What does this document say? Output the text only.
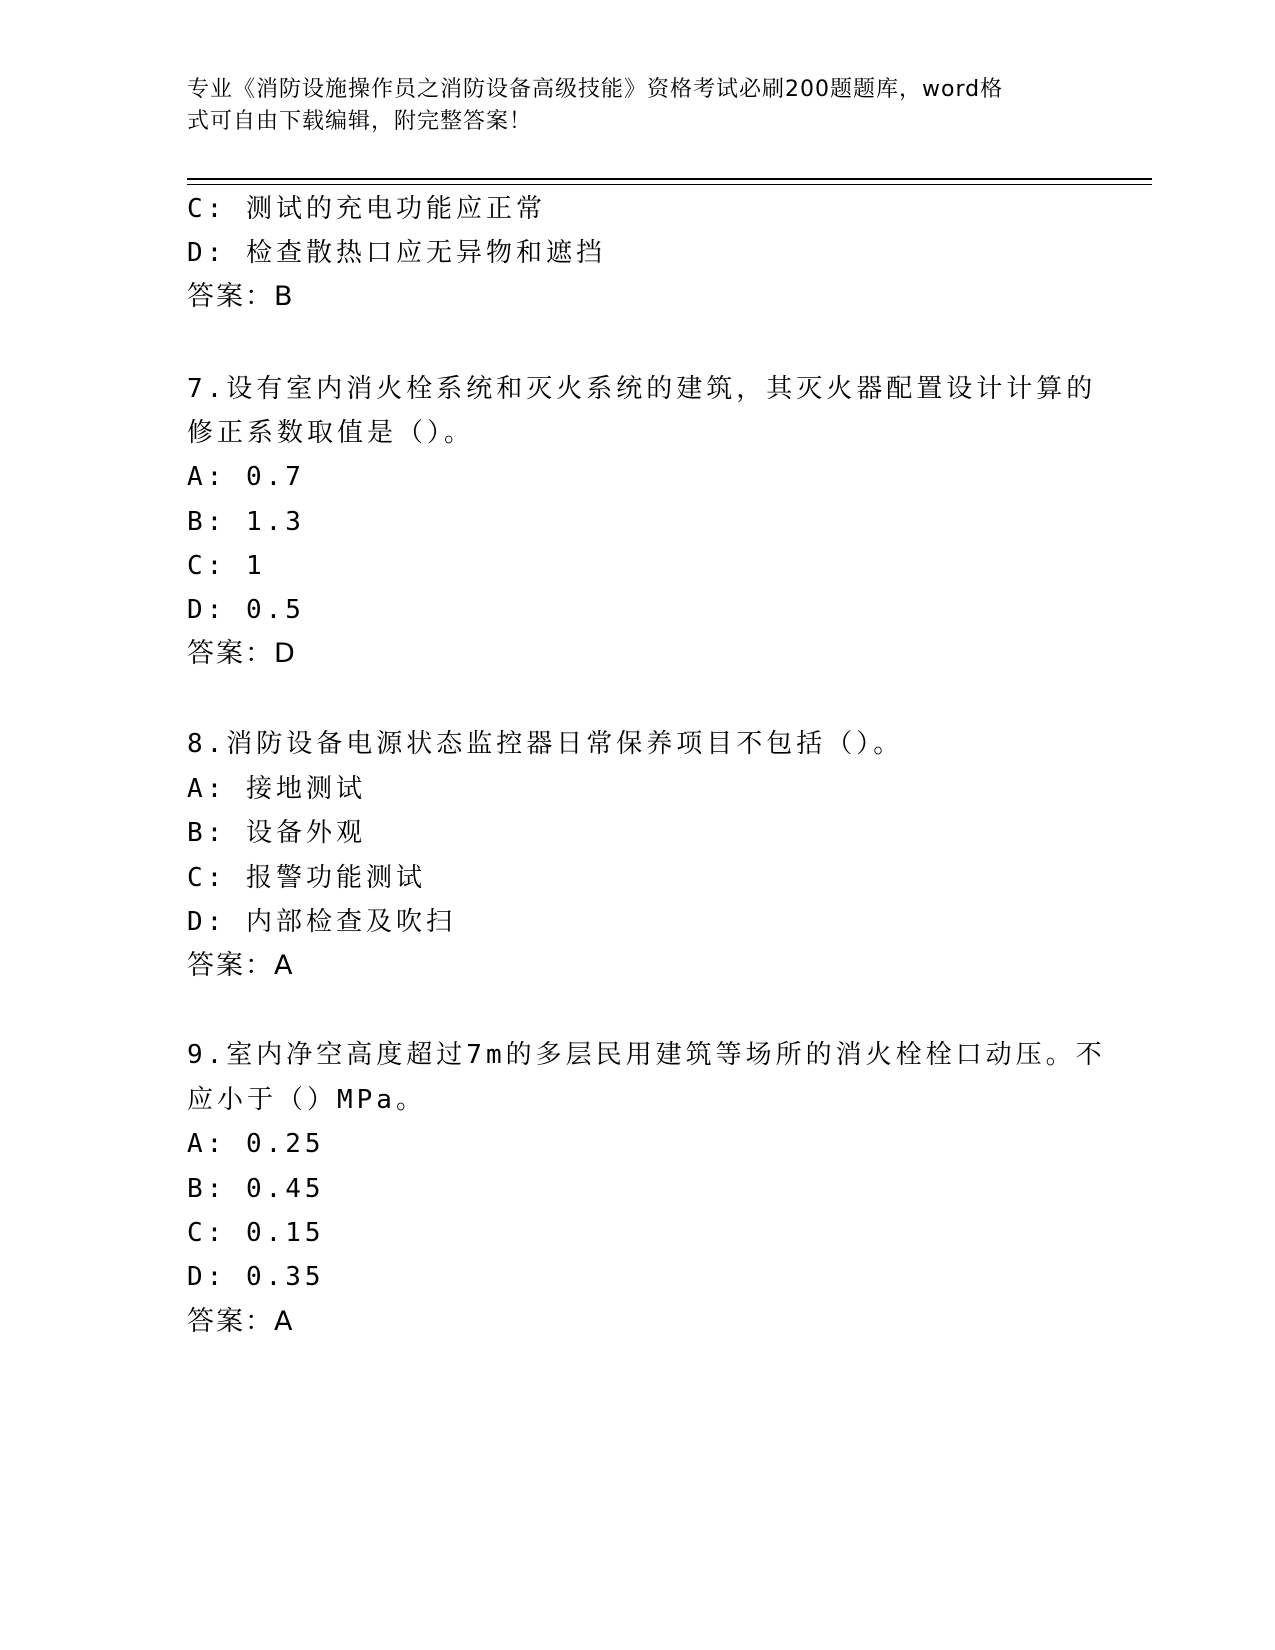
专业《消防设施操作员之消防设备高级技能》资格考试必刷200题题库，word格
式可自由下载编辑，附完整答案！
C: 测试的充电功能应正常
D: 检查散热口应无异物和遮挡
答案：B
7.设有室内消火栓系统和灭火系统的建筑，其灭火器配置设计计算的
修正系数取值是（）。
A: 0.7
B: 1.3
C: 1
D: 0.5
答案：D
8.消防设备电源状态监控器日常保养项目不包括（）。
A: 接地测试
B: 设备外观
C: 报警功能测试
D: 内部检查及吹扫
答案：A
9.室内净空高度超过7m的多层民用建筑等场所的消火栓栓口动压。不
应小于（）MPa。
A: 0.25
B: 0.45
C: 0.15
D: 0.35
答案：A
